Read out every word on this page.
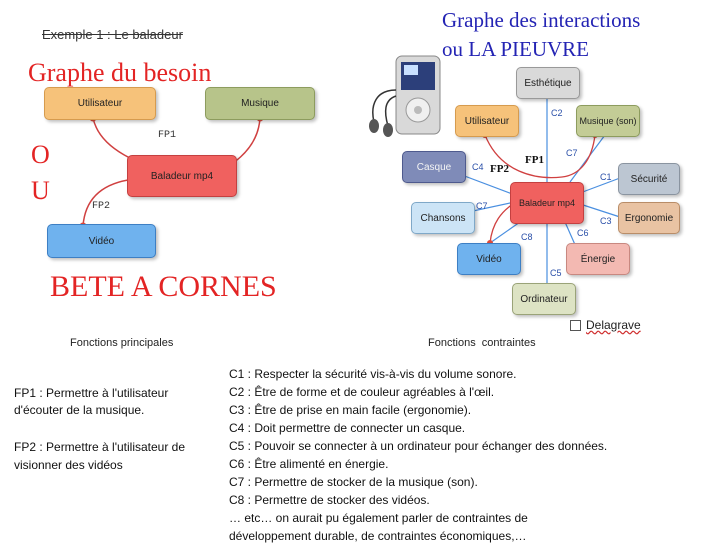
Exemple 1 : Le baladeur
Graphe du besoin
Utilisateur	Musique
FP1
O
U	Baladeur mp4
FP2
Vidéo
BETE A CORNES
Graphe des interactions
ou LA PIEUVRE
Esthétique
Utilisateur	Musique (son)
Casque
Sécurité
Chansons
Baladeur mp4
Ergonomie
Vidéo	Énergie
Ordinateur
C2
C7
C4
C1
C7
C3
C8	C6
C5
FP1
FP2
Delagrave
Fonctions principales	Fonctions  contraintes
FP1 : Permettre à l'utilisateur
d'écouter de la musique.
FP2 : Permettre à l'utilisateur de
visionner des vidéos
C1 : Respecter la sécurité vis-à-vis du volume sonore.
C2 : Être de forme et de couleur agréables à l'œil.
C3 : Être de prise en main facile (ergonomie).
C4 : Doit permettre de connecter un casque.
C5 : Pouvoir se connecter à un ordinateur pour échanger des données.
C6 : Être alimenté en énergie.
C7 : Permettre de stocker de la musique (son).
C8 : Permettre de stocker des vidéos.
… etc… on aurait pu également parler de contraintes de
développement durable, de contraintes économiques,…
